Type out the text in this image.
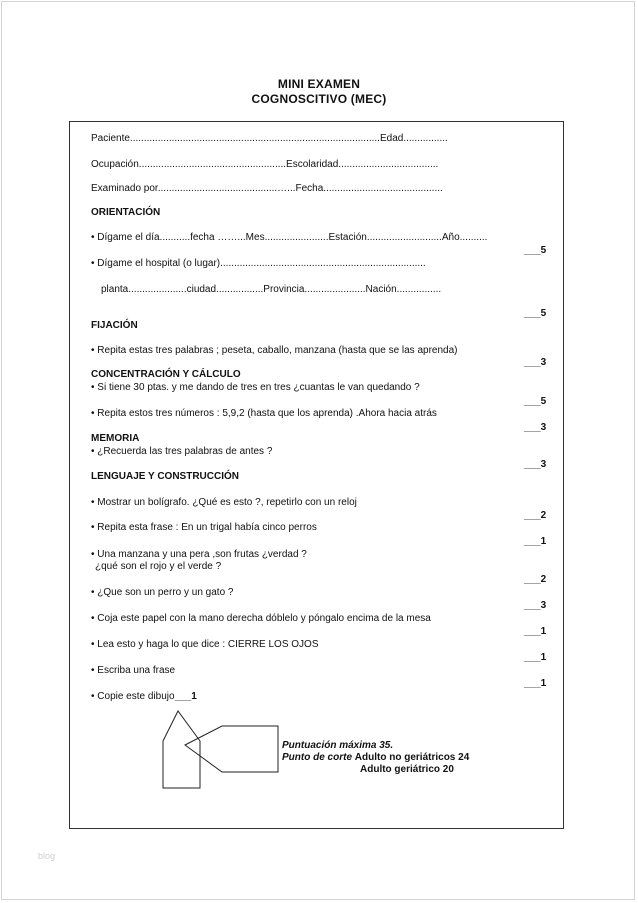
MINI EXAMEN
COGNOSCITIVO (MEC)
Paciente..........................................................................................Edad................
Ocupación.....................................................Escolaridad....................................
Examinado por...........................................…...Fecha...........................................
ORIENTACIÓN
• Dígame el día...........fecha ……...Mes.......................Estación...........................Año..........
___5
• Dígame el hospital (o lugar)..........................................................................
planta.....................ciudad.................Provincia......................Nación................
___5
FIJACIÓN
• Repita estas tres palabras ; peseta, caballo, manzana (hasta que se las aprenda)
___3
CONCENTRACIÓN Y CÁLCULO
• Si tiene 30 ptas. y me dando de tres en tres ¿cuantas le van quedando ?
___5
• Repita estos tres números : 5,9,2 (hasta que los aprenda) .Ahora hacia atrás
___3
MEMORIA
• ¿Recuerda las tres palabras de antes ?
___3
LENGUAJE Y CONSTRUCCIÓN
• Mostrar un bolígrafo. ¿Qué es esto ?, repetirlo con un reloj
___2
• Repita esta frase : En un trigal había cinco perros
___1
• Una manzana y una pera ,son frutas ¿verdad ?
¿qué son el rojo y el verde ?
___2
• ¿Que son un perro y un gato ?
___3
• Coja este papel con la mano derecha dóblelo y póngalo encima de la mesa
___1
• Lea esto y haga lo que dice : CIERRE LOS OJOS
___1
• Escriba una frase
___1
• Copie este dibujo___1
Puntuación máxima 35.
Punto de corte Adulto no geriátricos 24
Adulto geriátrico 20
blog
